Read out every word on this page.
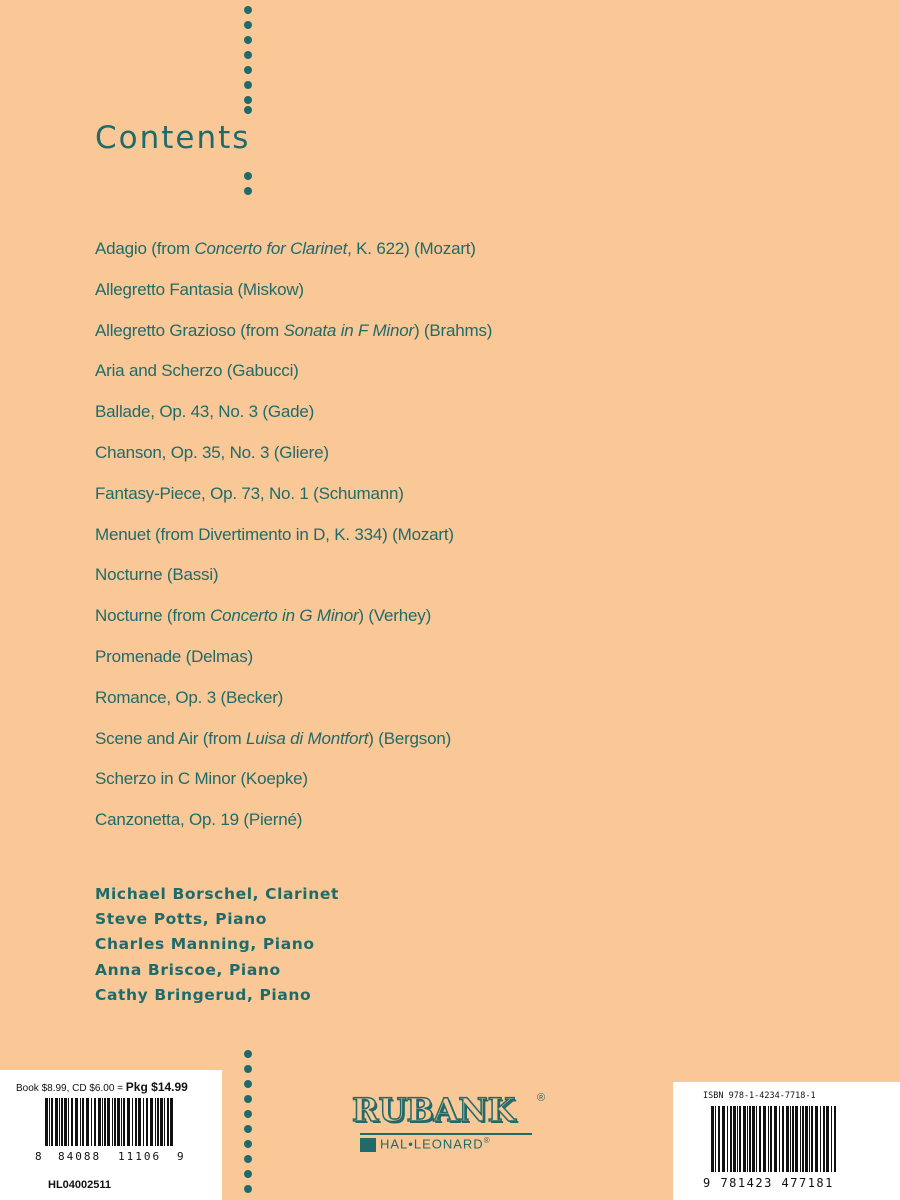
Contents
Adagio (from Concerto for Clarinet, K. 622) (Mozart)
Allegretto Fantasia (Miskow)
Allegretto Grazioso (from Sonata in F Minor) (Brahms)
Aria and Scherzo (Gabucci)
Ballade, Op. 43, No. 3 (Gade)
Chanson, Op. 35, No. 3 (Gliere)
Fantasy-Piece, Op. 73, No. 1 (Schumann)
Menuet (from Divertimento in D, K. 334) (Mozart)
Nocturne (Bassi)
Nocturne (from Concerto in G Minor) (Verhey)
Promenade (Delmas)
Romance, Op. 3 (Becker)
Scene and Air (from Luisa di Montfort) (Bergson)
Scherzo in C Minor (Koepke)
Canzonetta, Op. 19 (Pierné)
Michael Borschel, Clarinet
Steve Potts, Piano
Charles Manning, Piano
Anna Briscoe, Piano
Cathy Bringerud, Piano
Book $8.99, CD $6.00 = Pkg $14.99
8 84088 11106 9
HL04002511
RUBANK	®
HAL•LEONARD®
ISBN 978-1-4234-7718-1
9 781423 477181
